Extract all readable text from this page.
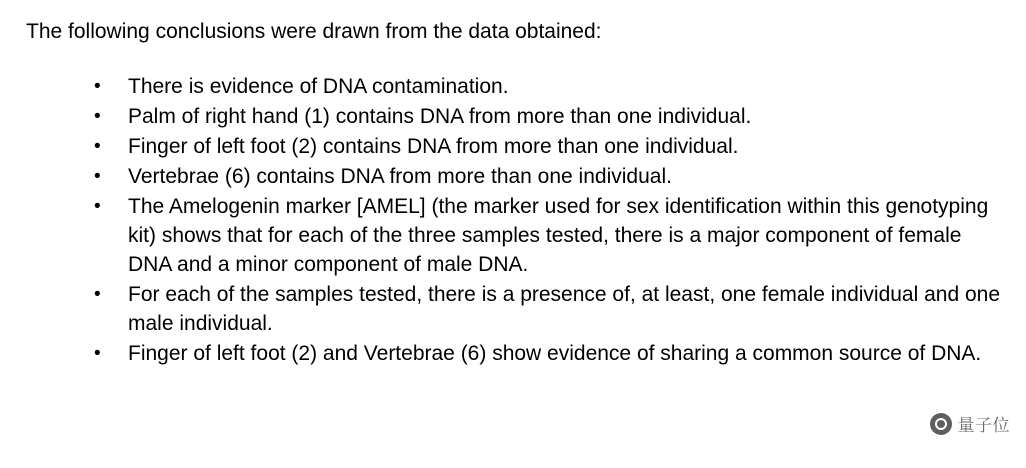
The following conclusions were drawn from the data obtained:

• There is evidence of DNA contamination.
• Palm of right hand (1) contains DNA from more than one individual.
• Finger of left foot (2) contains DNA from more than one individual.
• Vertebrae (6) contains DNA from more than one individual.
• The Amelogenin marker [AMEL] (the marker used for sex identification within this genotyping kit) shows that for each of the three samples tested, there is a major component of female DNA and a minor component of male DNA.
• For each of the samples tested, there is a presence of, at least, one female individual and one male individual.
• Finger of left foot (2) and Vertebrae (6) show evidence of sharing a common source of DNA.
量子位
